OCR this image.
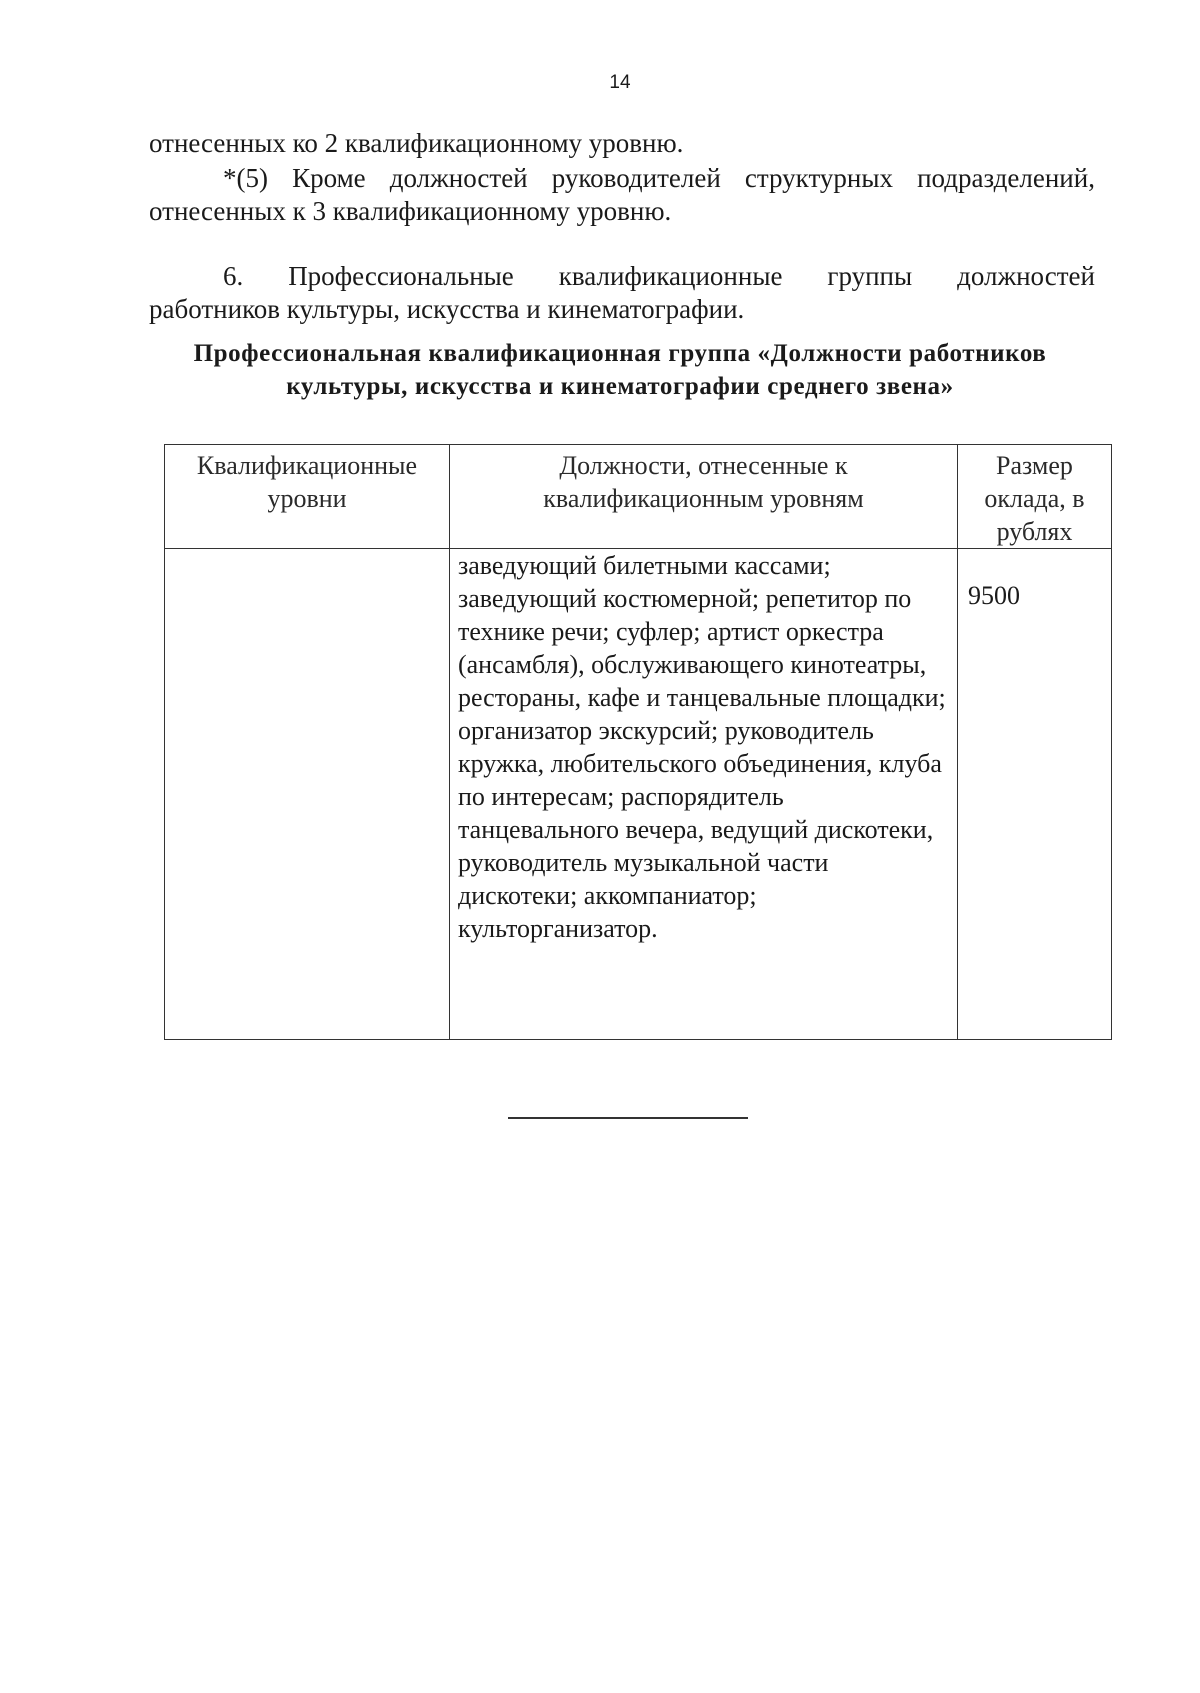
14
отнесенных ко 2 квалификационному уровню.
*(5) Кроме должностей руководителей структурных подразделений,
отнесенных к 3 квалификационному уровню.
6. Профессиональные квалификационные группы должностей
работников культуры, искусства и кинематографии.
Профессиональная квалификационная группа «Должности работников
культуры, искусства и кинематографии среднего звена»
Квалификационные уровни	Должности, отнесенные к квалификационным уровням	Размер оклада, в рублях
	заведующий билетными кассами; заведующий костюмерной; репетитор по технике речи; суфлер; артист оркестра (ансамбля), обслуживающего кинотеатры, рестораны, кафе и танцевальные площадки; организатор экскурсий; руководитель кружка, любительского объединения, клуба по интересам; распорядитель танцевального вечера, ведущий дискотеки, руководитель музыкальной части дискотеки; аккомпаниатор; культорганизатор.	9500
